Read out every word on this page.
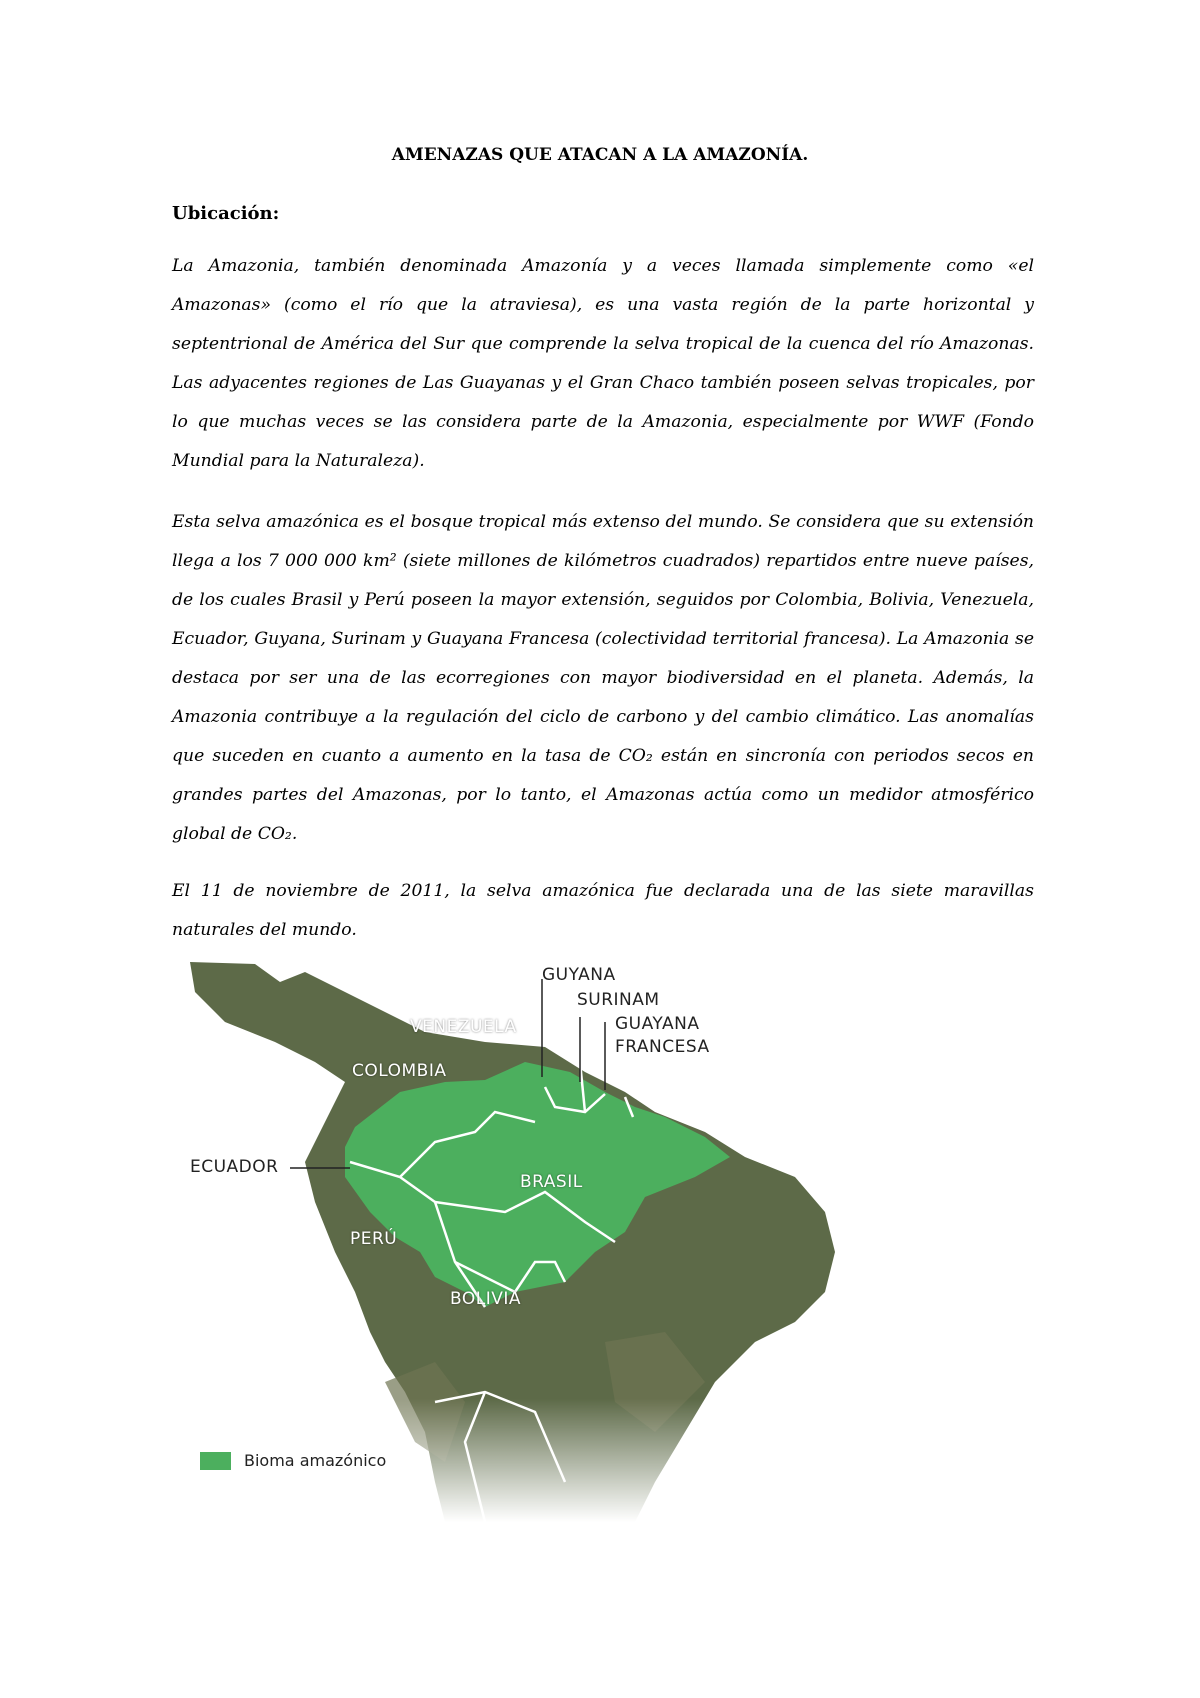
AMENAZAS QUE ATACAN A LA AMAZONÍA.
Ubicación:

La Amazonia, también denominada Amazonía y a veces llamada simplemente como «el Amazonas» (como el río que la atraviesa), es una vasta región de la parte horizontal y septentrional de América del Sur que comprende la selva tropical de la cuenca del río Amazonas. Las adyacentes regiones de Las Guayanas y el Gran Chaco también poseen selvas tropicales, por lo que muchas veces se las considera parte de la Amazonia, especialmente por WWF (Fondo Mundial para la Naturaleza).

Esta selva amazónica es el bosque tropical más extenso del mundo. Se considera que su extensión llega a los 7 000 000 km² (siete millones de kilómetros cuadrados) repartidos entre nueve países, de los cuales Brasil y Perú poseen la mayor extensión, seguidos por Colombia, Bolivia, Venezuela, Ecuador, Guyana, Surinam y Guayana Francesa (colectividad territorial francesa). La Amazonia se destaca por ser una de las ecorregiones con mayor biodiversidad en el planeta. Además, la Amazonia contribuye a la regulación del ciclo de carbono y del cambio climático. Las anomalías que suceden en cuanto a aumento en la tasa de CO₂ están en sincronía con periodos secos en grandes partes del Amazonas, por lo tanto, el Amazonas actúa como un medidor atmosférico global de CO₂.

El 11 de noviembre de 2011, la selva amazónica fue declarada una de las siete maravillas naturales del mundo.

GUYANA
SURINAM
GUAYANA
FRANCESA
VENEZUELA
COLOMBIA
ECUADOR
BRASIL
PERÚ
BOLIVIA
Bioma amazónico
